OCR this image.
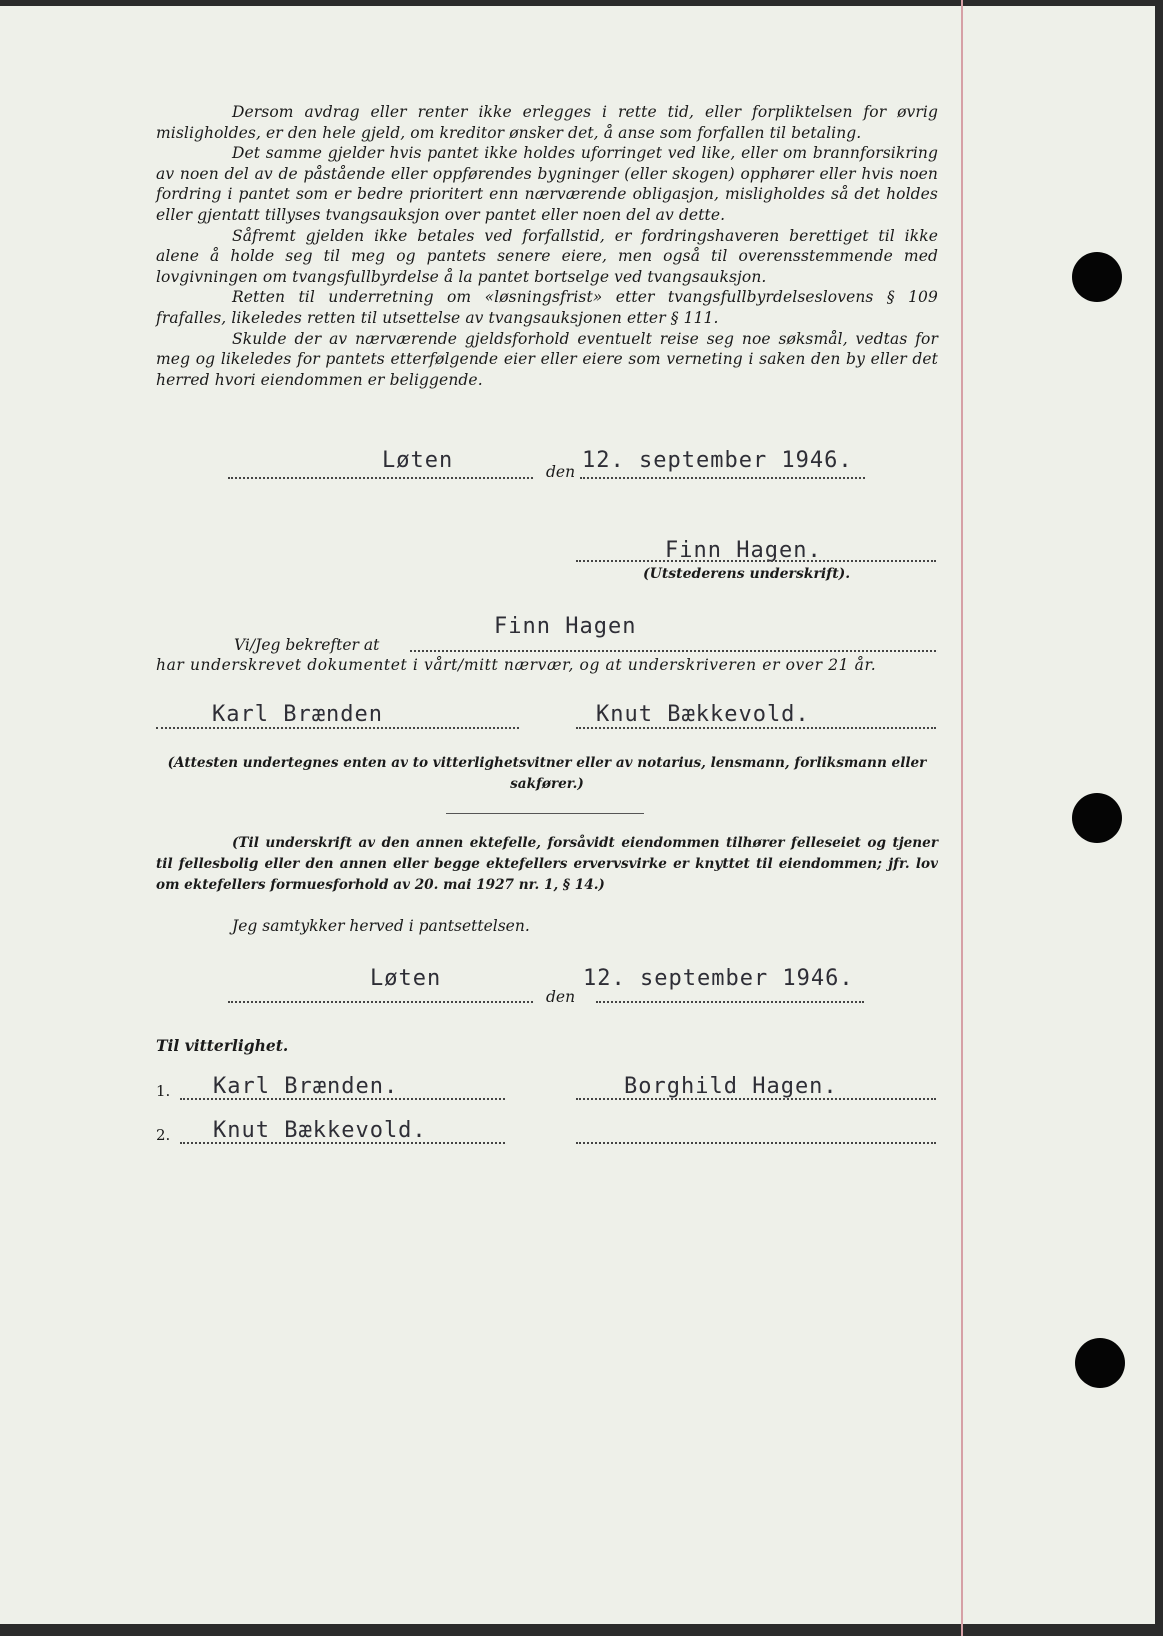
Dersom avdrag eller renter ikke erlegges i rette tid, eller forpliktelsen for øvrig misligholdes, er den hele gjeld, om kreditor ønsker det, å anse som forfallen til betaling.

Det samme gjelder hvis pantet ikke holdes uforringet ved like, eller om brannforsikring av noen del av de påstående eller oppførendes bygninger (eller skogen) opphører eller hvis noen fordring i pantet som er bedre prioritert enn nærværende obligasjon, misligholdes så det holdes eller gjentatt tillyses tvangsauksjon over pantet eller noen del av dette.

Såfremt gjelden ikke betales ved forfallstid, er fordringshaveren berettiget til ikke alene å holde seg til meg og pantets senere eiere, men også til overensstemmende med lovgivningen om tvangsfullbyrdelse å la pantet bortselge ved tvangsauksjon.

Retten til underretning om «løsningsfrist» etter tvangsfullbyrdelseslovens § 109 frafalles, likeledes retten til utsettelse av tvangsauksjonen etter § 111.

Skulde der av nærværende gjeldsforhold eventuelt reise seg noe søksmål, vedtas for meg og likeledes for pantets etterfølgende eier eller eiere som verneting i saken den by eller det herred hvori eiendommen er beliggende.

Løten	den 12. september 1946.
Finn Hagen.
(Utstederens underskrift).
Vi/Jeg bekrefter at
Finn Hagen
har underskrevet dokumentet i vårt/mitt nærvær, og at underskriveren er over 21 år.
Karl Brænden	Knut Bækkevold.
(Attesten undertegnes enten av to vitterlighetsvitner eller av notarius, lensmann, forliksmann eller sakfører.)
(Til underskrift av den annen ektefelle, forsåvidt eiendommen tilhører felleseiet og tjener til fellesbolig eller den annen eller begge ektefellers ervervsvirke er knyttet til eiendommen; jfr. lov om ektefellers formuesforhold av 20. mai 1927 nr. 1, § 14.)
Jeg samtykker herved i pantsettelsen.
Løten
den
12. september 1946.
Til vitterlighet.
1. Karl Brænden.	Borghild Hagen.
2. Knut Bækkevold.
